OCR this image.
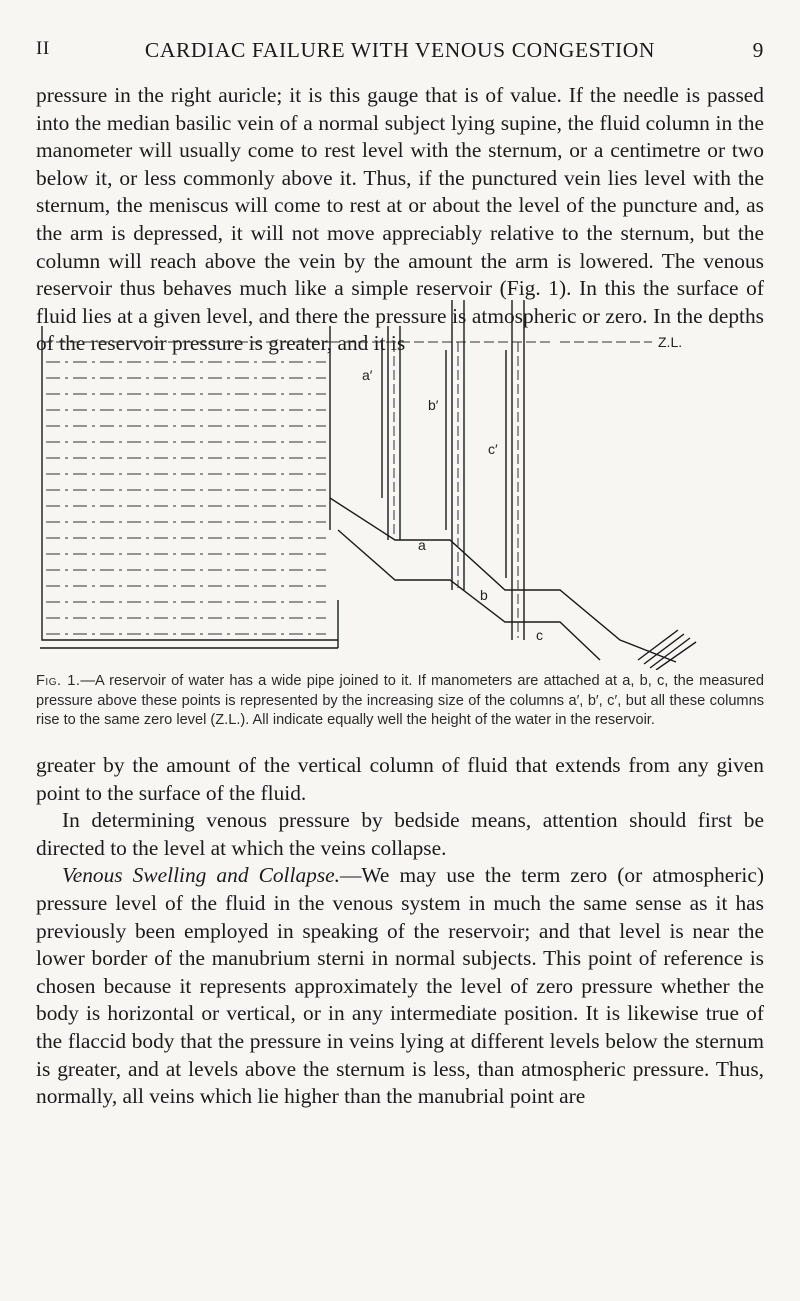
II	CARDIAC FAILURE WITH VENOUS CONGESTION	9

pressure in the right auricle; it is this gauge that is of value. If the needle is passed into the median basilic vein of a normal subject lying supine, the fluid column in the manometer will usually come to rest level with the sternum, or a centimetre or two below it, or less commonly above it. Thus, if the punctured vein lies level with the sternum, the meniscus will come to rest at or about the level of the puncture and, as the arm is depressed, it will not move appreciably relative to the sternum, but the column will reach above the vein by the amount the arm is lowered. The venous reservoir thus behaves much like a simple reservoir (Fig. 1). In this the surface of fluid lies at a given level, and there the pressure is atmospheric or zero. In the depths of the reservoir pressure is greater, and it is	Z.L.
a′
b′
c′
a
b
c

Fig. 1.—A reservoir of water has a wide pipe joined to it. If manometers are attached at a, b, c, the measured pressure above these points is represented by the increasing size of the columns a′, b′, c′, but all these columns rise to the same zero level (Z.L.). All indicate equally well the height of the water in the reservoir.

greater by the amount of the vertical column of fluid that extends from any given point to the surface of the fluid.

In determining venous pressure by bedside means, attention should first be directed to the level at which the veins collapse.

Venous Swelling and Collapse.—We may use the term zero (or atmospheric) pressure level of the fluid in the venous system in much the same sense as it has previously been employed in speaking of the reservoir; and that level is near the lower border of the manubrium sterni in normal subjects. This point of reference is chosen because it represents approximately the level of zero pressure whether the body is horizontal or vertical, or in any intermediate position. It is likewise true of the flaccid body that the pressure in veins lying at different levels below the sternum is greater, and at levels above the sternum is less, than atmospheric pressure. Thus, normally, all veins which lie higher than the manubrial point are
